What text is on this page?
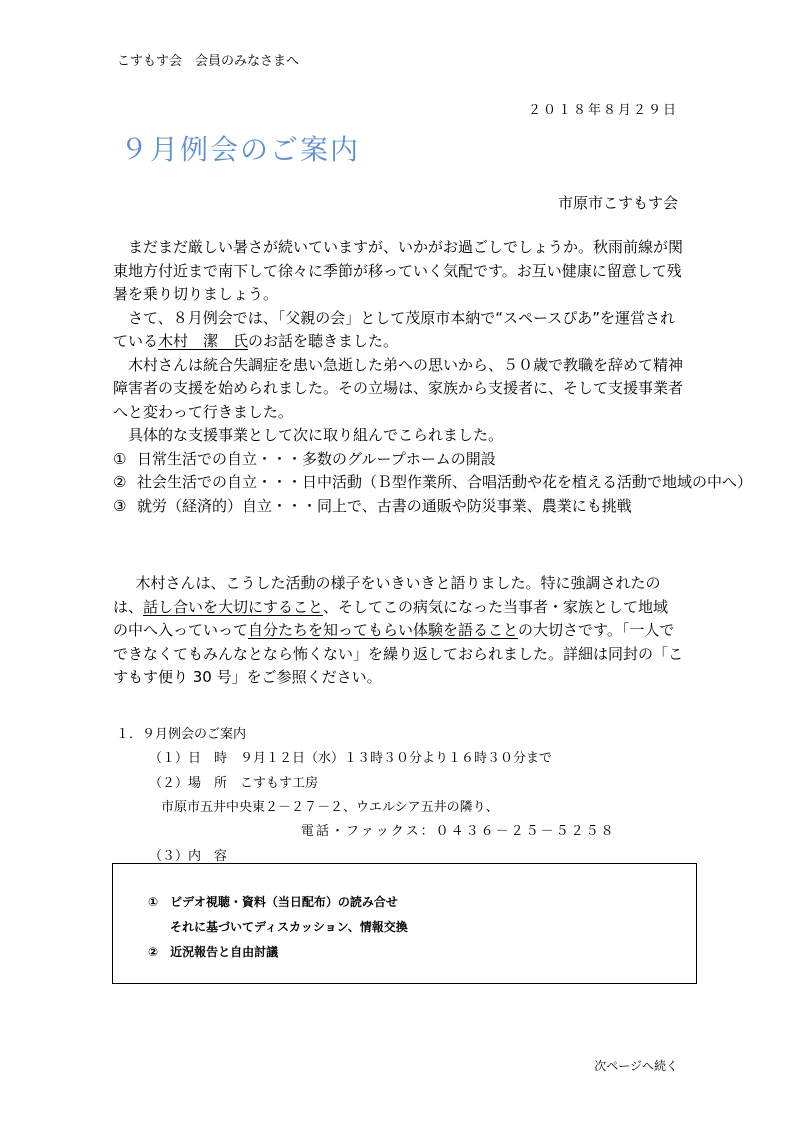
こすもす会　会員のみなさまへ
２０１８年８月２９日
９月例会のご案内
市原市こすもす会

まだまだ厳しい暑さが続いていますが、いかがお過ごしでしょうか。秋雨前線が関東地方付近まで南下して徐々に季節が移っていく気配です。お互い健康に留意して残暑を乗り切りましょう。

さて、８月例会では、「父親の会」として茂原市本納で“スペースぴあ”を運営されている木村　潔　氏のお話を聴きました。

木村さんは統合失調症を患い急逝した弟への思いから、５０歳で教職を辞めて精神障害者の支援を始められました。その立場は、家族から支援者に、そして支援事業者へと変わって行きました。

具体的な支援事業として次に取り組んでこられました。

① 日常生活での自立・・・多数のグループホームの開設
② 社会生活での自立・・・日中活動（Ｂ型作業所、合唱活動や花を植える活動で地域の中へ）
③ 就労（経済的）自立・・・同上で、古書の通販や防災事業、農業にも挑戦

木村さんは、こうした活動の様子をいきいきと語りました。特に強調されたのは、話し合いを大切にすること、そしてこの病気になった当事者・家族として地域の中へ入っていって自分たちを知ってもらい体験を語ることの大切さです。「一人でできなくてもみんなとなら怖くない」を繰り返しておられました。詳細は同封の「こすもす便り 30 号」をご参照ください。

１．９月例会のご案内
（１）日　時　９月１２日（水）１３時３０分より１６時３０分まで
（２）場　所　こすもす工房
市原市五井中央東２－２７－２、ウエルシア五井の隣り、
電話・ファックス：０４３６－２５－５２５８
（３）内　容
①　ビデオ視聴・資料（当日配布）の読み合せ
それに基づいてディスカッション、情報交換
②　近況報告と自由討議
次ページへ続く
